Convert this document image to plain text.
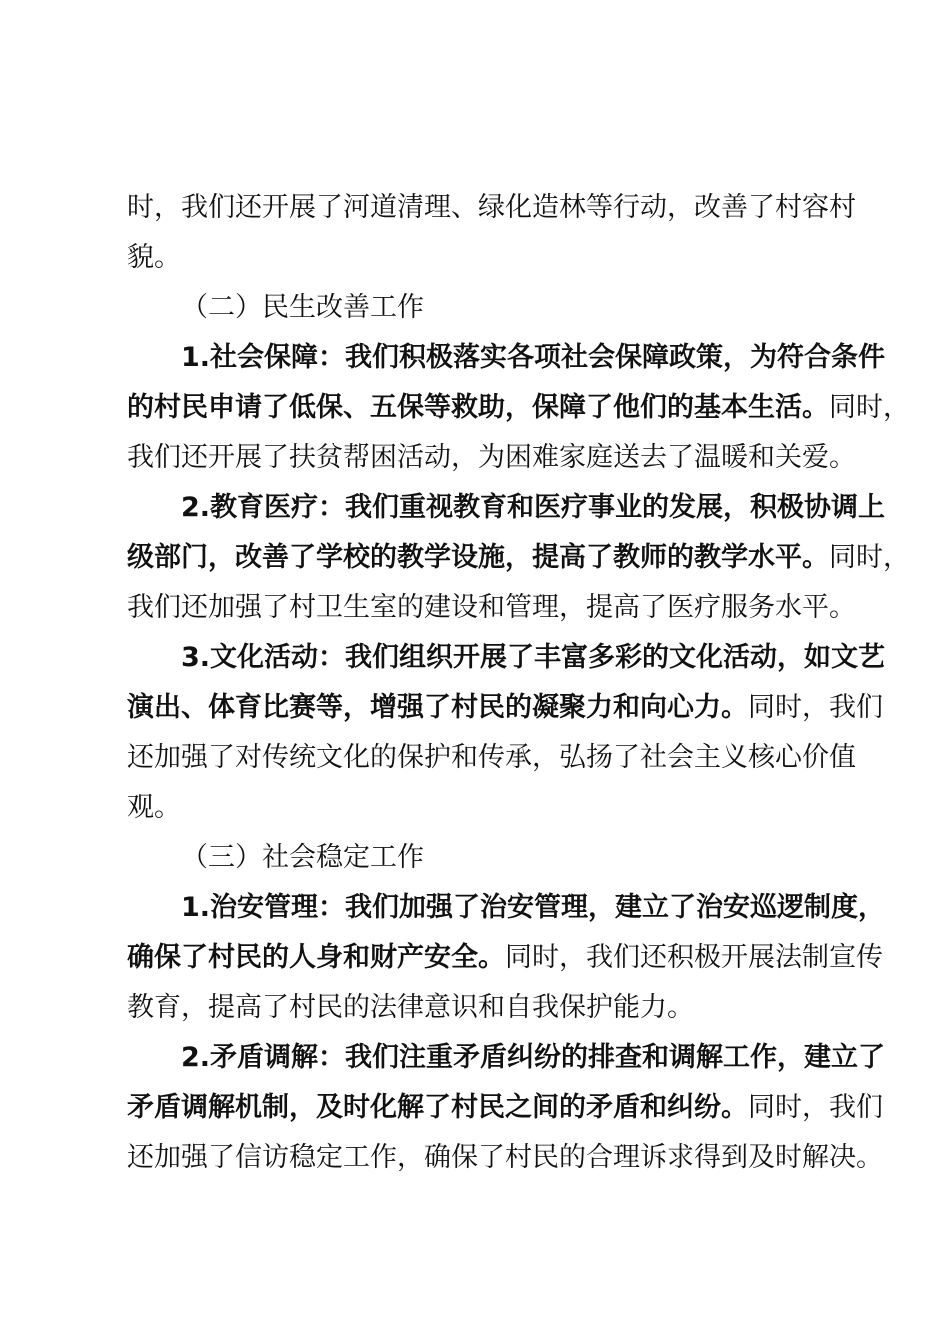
时，我们还开展了河道清理、绿化造林等行动，改善了村容村
貌。
（二）民生改善工作
1.社会保障：我们积极落实各项社会保障政策，为符合条件
的村民申请了低保、五保等救助，保障了他们的基本生活。同时，
我们还开展了扶贫帮困活动，为困难家庭送去了温暖和关爱。
2.教育医疗：我们重视教育和医疗事业的发展，积极协调上
级部门，改善了学校的教学设施，提高了教师的教学水平。同时，
我们还加强了村卫生室的建设和管理，提高了医疗服务水平。
3.文化活动：我们组织开展了丰富多彩的文化活动，如文艺
演出、体育比赛等，增强了村民的凝聚力和向心力。同时，我们
还加强了对传统文化的保护和传承，弘扬了社会主义核心价值
观。
（三）社会稳定工作
1.治安管理：我们加强了治安管理，建立了治安巡逻制度，
确保了村民的人身和财产安全。同时，我们还积极开展法制宣传
教育，提高了村民的法律意识和自我保护能力。
2.矛盾调解：我们注重矛盾纠纷的排查和调解工作，建立了
矛盾调解机制，及时化解了村民之间的矛盾和纠纷。同时，我们
还加强了信访稳定工作，确保了村民的合理诉求得到及时解决。
